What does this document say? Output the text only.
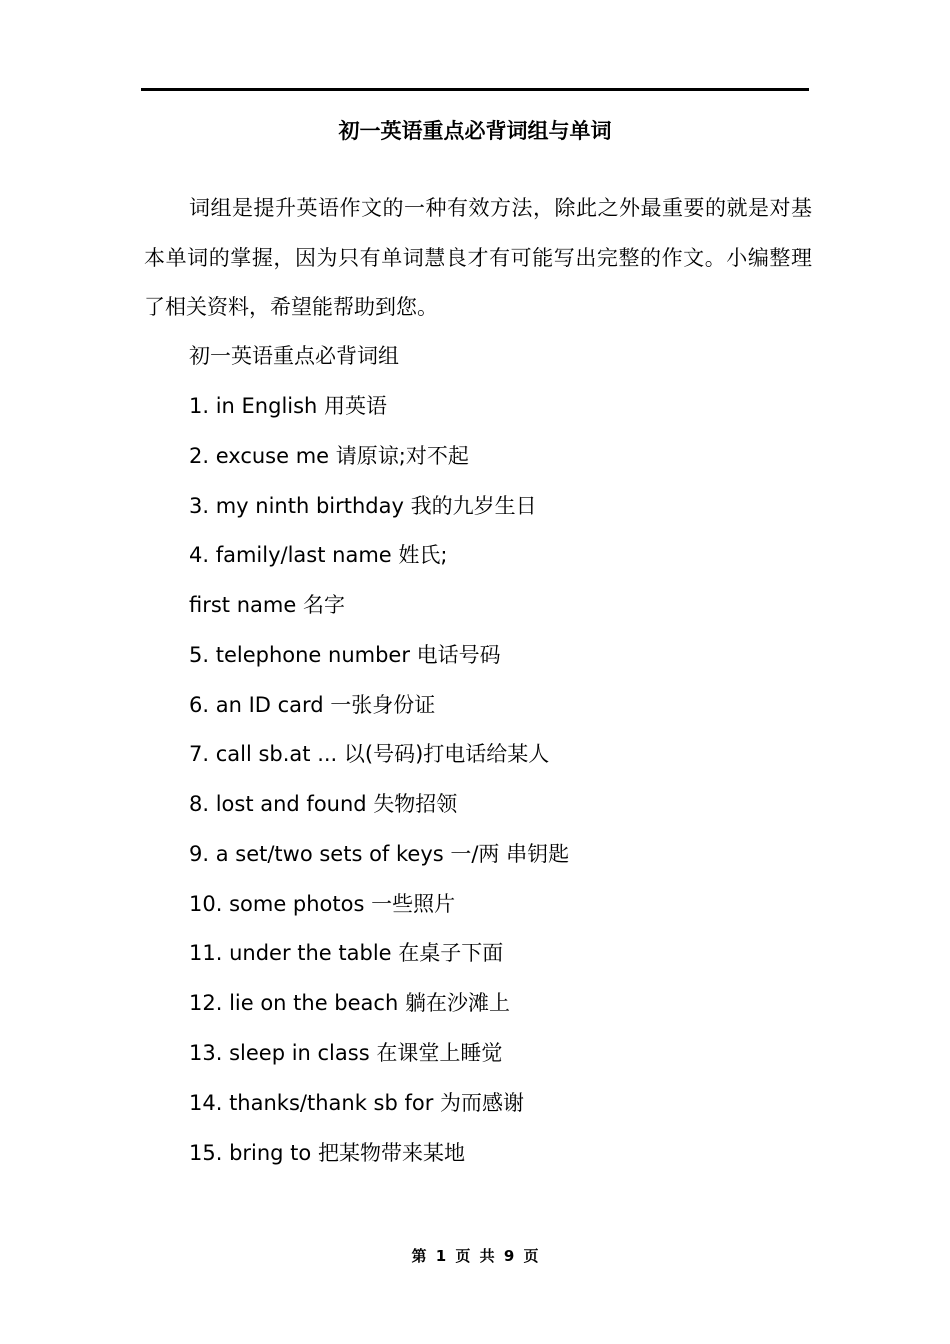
初一英语重点必背词组与单词

词组是提升英语作文的一种有效方法，除此之外最重要的就是对基本单词的掌握，因为只有单词慧良才有可能写出完整的作文。小编整理了相关资料，希望能帮助到您。

初一英语重点必背词组

1. in English 用英语

2. excuse me 请原谅;对不起

3. my ninth birthday 我的九岁生日

4. family/last name 姓氏;

first name 名字

5. telephone number 电话号码

6. an ID card 一张身份证

7. call sb.at ... 以(号码)打电话给某人

8. lost and found 失物招领

9. a set/two sets of keys 一/两 串钥匙

10. some photos 一些照片

11. under the table 在桌子下面

12. lie on the beach 躺在沙滩上

13. sleep in class 在课堂上睡觉

14. thanks/thank sb for 为而感谢

15. bring to 把某物带来某地

第 1 页 共 9 页
